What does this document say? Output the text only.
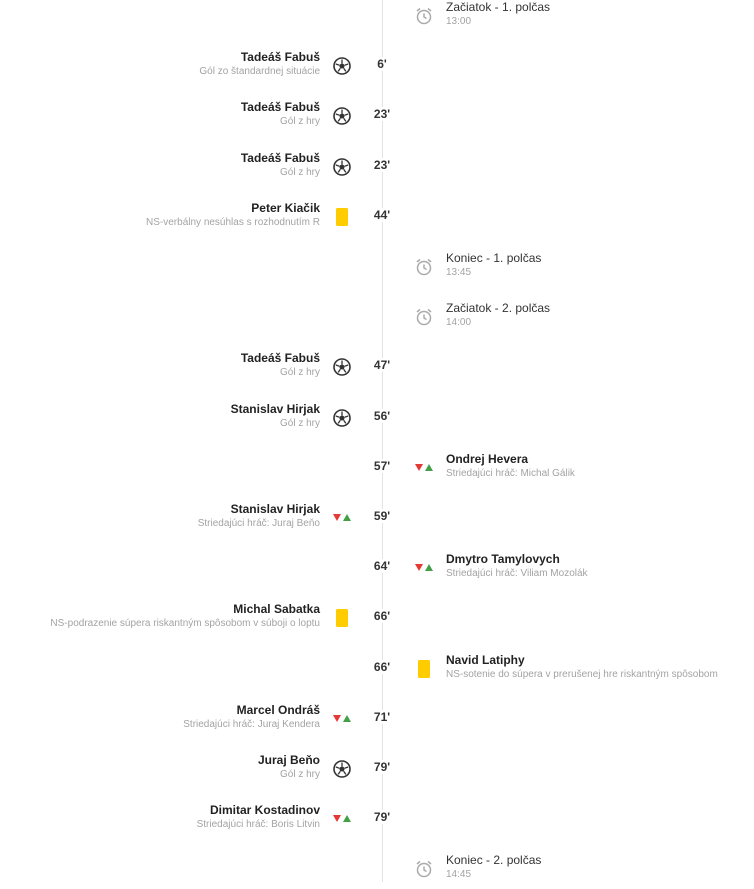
Začiatok - 1. polčas
13:00
6'
Tadeáš Fabuš
Gól zo štandardnej situácie
23'
Tadeáš Fabuš
Gól z hry
23'
Tadeáš Fabuš
Gól z hry
44'
Peter Kiačik
NS-verbálny nesúhlas s rozhodnutím R
Koniec - 1. polčas
13:45
Začiatok - 2. polčas
14:00
47'
Tadeáš Fabuš
Gól z hry
56'
Stanislav Hirjak
Gól z hry
57'	Ondrej Hevera
Striedajúci hráč: Michal Gálik
59'
Stanislav Hirjak
Striedajúci hráč: Juraj Beňo
64'	Dmytro Tamylovych
Striedajúci hráč: Viliam Mozolák
66'
Michal Sabatka
NS-podrazenie súpera riskantným spôsobom v súboji o loptu
66'	Navid Latiphy
NS-sotenie do súpera v prerušenej hre riskantným spôsobom
71'
Marcel Ondráš
Striedajúci hráč: Juraj Kendera
79'
Juraj Beňo
Gól z hry
79'
Dimitar Kostadinov
Striedajúci hráč: Boris Litvin
Koniec - 2. polčas
14:45
